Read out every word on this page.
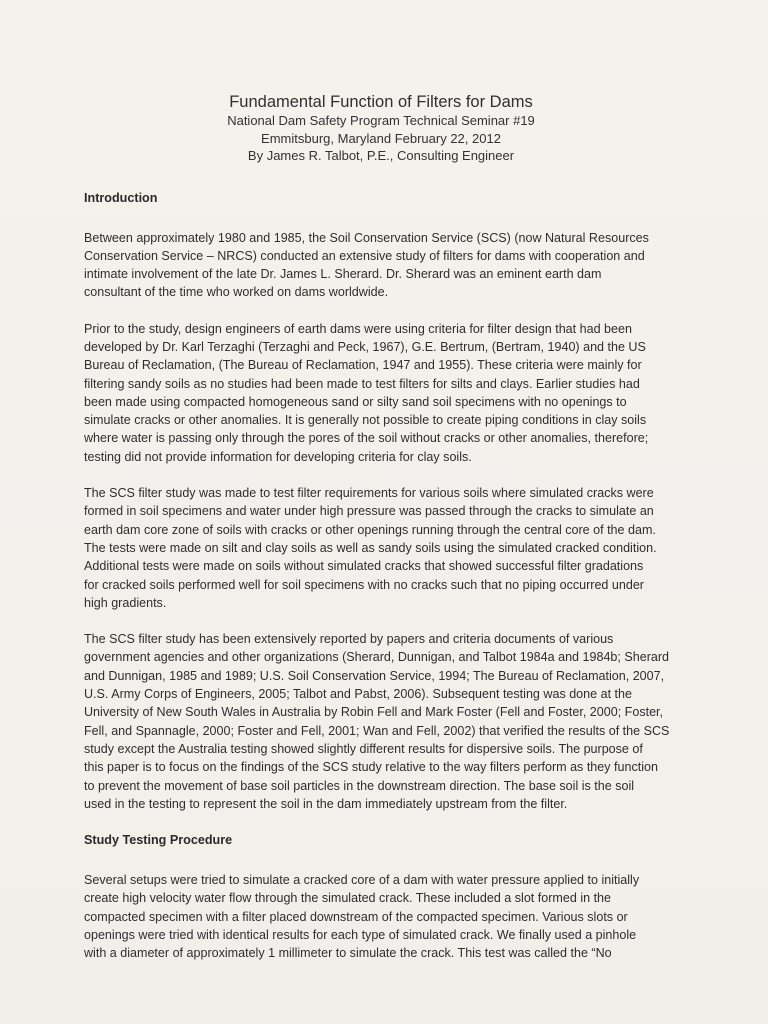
Fundamental Function of Filters for Dams
National Dam Safety Program Technical Seminar #19
Emmitsburg, Maryland February 22, 2012
By James R. Talbot, P.E., Consulting Engineer
Introduction
Between approximately 1980 and 1985, the Soil Conservation Service (SCS) (now Natural Resources
Conservation Service – NRCS) conducted an extensive study of filters for dams with cooperation and
intimate involvement of the late Dr. James L. Sherard. Dr. Sherard was an eminent earth dam
consultant of the time who worked on dams worldwide.
Prior to the study, design engineers of earth dams were using criteria for filter design that had been
developed by Dr. Karl Terzaghi (Terzaghi and Peck, 1967), G.E. Bertrum, (Bertram, 1940) and the US
Bureau of Reclamation, (The Bureau of Reclamation, 1947 and 1955). These criteria were mainly for
filtering sandy soils as no studies had been made to test filters for silts and clays. Earlier studies had
been made using compacted homogeneous sand or silty sand soil specimens with no openings to
simulate cracks or other anomalies. It is generally not possible to create piping conditions in clay soils
where water is passing only through the pores of the soil without cracks or other anomalies, therefore;
testing did not provide information for developing criteria for clay soils.
The SCS filter study was made to test filter requirements for various soils where simulated cracks were
formed in soil specimens and water under high pressure was passed through the cracks to simulate an
earth dam core zone of soils with cracks or other openings running through the central core of the dam.
The tests were made on silt and clay soils as well as sandy soils using the simulated cracked condition.
Additional tests were made on soils without simulated cracks that showed successful filter gradations
for cracked soils performed well for soil specimens with no cracks such that no piping occurred under
high gradients.
The SCS filter study has been extensively reported by papers and criteria documents of various
government agencies and other organizations (Sherard, Dunnigan, and Talbot 1984a and 1984b; Sherard
and Dunnigan, 1985 and 1989; U.S. Soil Conservation Service, 1994; The Bureau of Reclamation, 2007,
U.S. Army Corps of Engineers, 2005; Talbot and Pabst, 2006). Subsequent testing was done at the
University of New South Wales in Australia by Robin Fell and Mark Foster (Fell and Foster, 2000; Foster,
Fell, and Spannagle, 2000; Foster and Fell, 2001; Wan and Fell, 2002) that verified the results of the SCS
study except the Australia testing showed slightly different results for dispersive soils. The purpose of
this paper is to focus on the findings of the SCS study relative to the way filters perform as they function
to prevent the movement of base soil particles in the downstream direction. The base soil is the soil
used in the testing to represent the soil in the dam immediately upstream from the filter.
Study Testing Procedure
Several setups were tried to simulate a cracked core of a dam with water pressure applied to initially
create high velocity water flow through the simulated crack. These included a slot formed in the
compacted specimen with a filter placed downstream of the compacted specimen. Various slots or
openings were tried with identical results for each type of simulated crack. We finally used a pinhole
with a diameter of approximately 1 millimeter to simulate the crack. This test was called the “No
